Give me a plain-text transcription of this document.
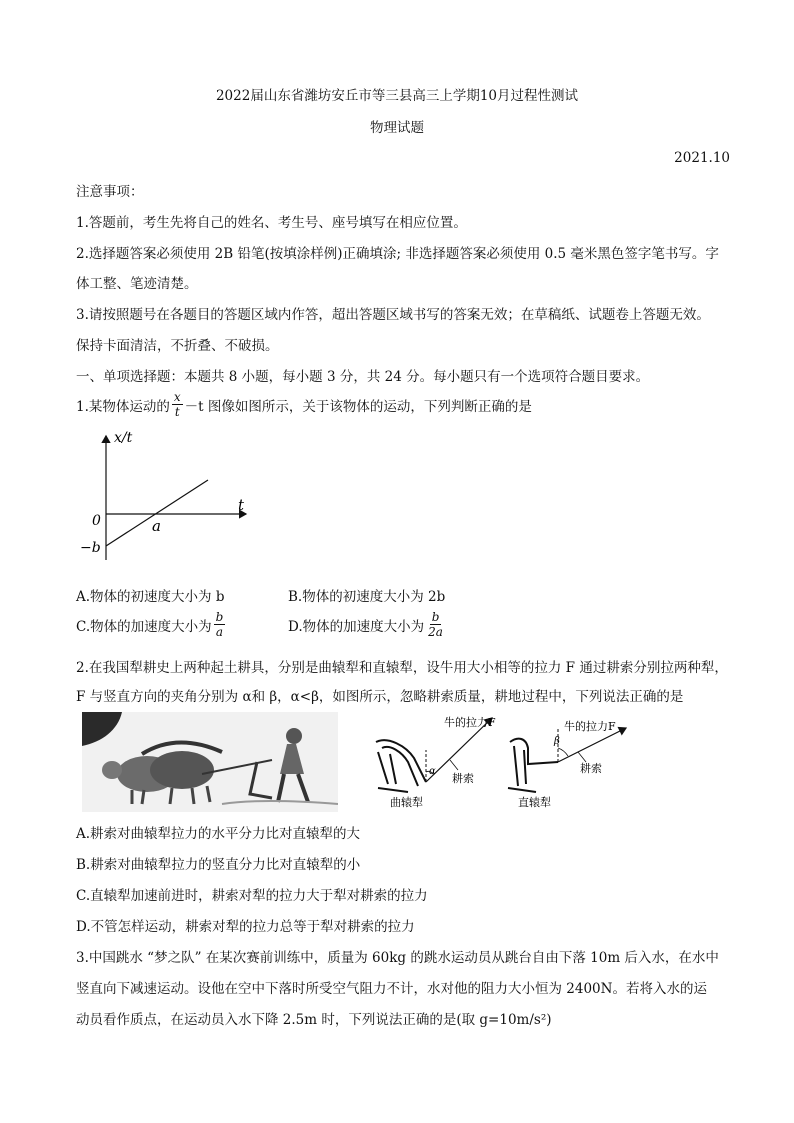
2022届山东省潍坊安丘市等三县高三上学期10月过程性测试
物理试题
2021.10
注意事项：
1.答题前，考生先将自己的姓名、考生号、座号填写在相应位置。
2.选择题答案必须使用 2B 铅笔(按填涂样例)正确填涂; 非选择题答案必须使用 0.5 毫米黑色签字笔书写。字
体工整、笔迹清楚。
3.请按照题号在各题目的答题区域内作答，超出答题区域书写的答案无效；在草稿纸、试题卷上答题无效。
保持卡面清洁，不折叠、不破损。
一、单项选择题：本题共 8 小题，每小题 3 分，共 24 分。每小题只有一个选项符合题目要求。
1.某物体运动的 $\frac{x}{t} -t$ 图像如图所示，关于该物体的运动，下列判断正确的是
x/t
t
0	a
−b
A.物体的初速度大小为 b	B.物体的初速度大小为 2b
C.物体的加速度大小为 $\frac{b}{a}$	D.物体的加速度大小为 $\frac{b}{2a}$
2.在我国犁耕史上两种起土耕具，分别是曲辕犁和直辕犁，设牛用大小相等的拉力 F 通过耕索分别拉两种犁，
F 与竖直方向的夹角分别为 α和 β，α<β，如图所示，忽略耕索质量，耕地过程中，下列说法正确的是
α
牛的拉力F
耕索
曲辕犁
β
牛的拉力F
耕索
直辕犁
A.耕索对曲辕犁拉力的水平分力比对直辕犁的大
B.耕索对曲辕犁拉力的竖直分力比对直辕犁的小
C.直辕犁加速前进时，耕索对犁的拉力大于犁对耕索的拉力
D.不管怎样运动，耕索对犁的拉力总等于犁对耕索的拉力
3.中国跳水 “梦之队” 在某次赛前训练中，质量为 60kg 的跳水运动员从跳台自由下落 10m 后入水，在水中
竖直向下减速运动。设他在空中下落时所受空气阻力不计，水对他的阻力大小恒为 2400N。若将入水的运
动员看作质点，在运动员入水下降 2.5m 时，下列说法正确的是(取 g=10m/s²)
